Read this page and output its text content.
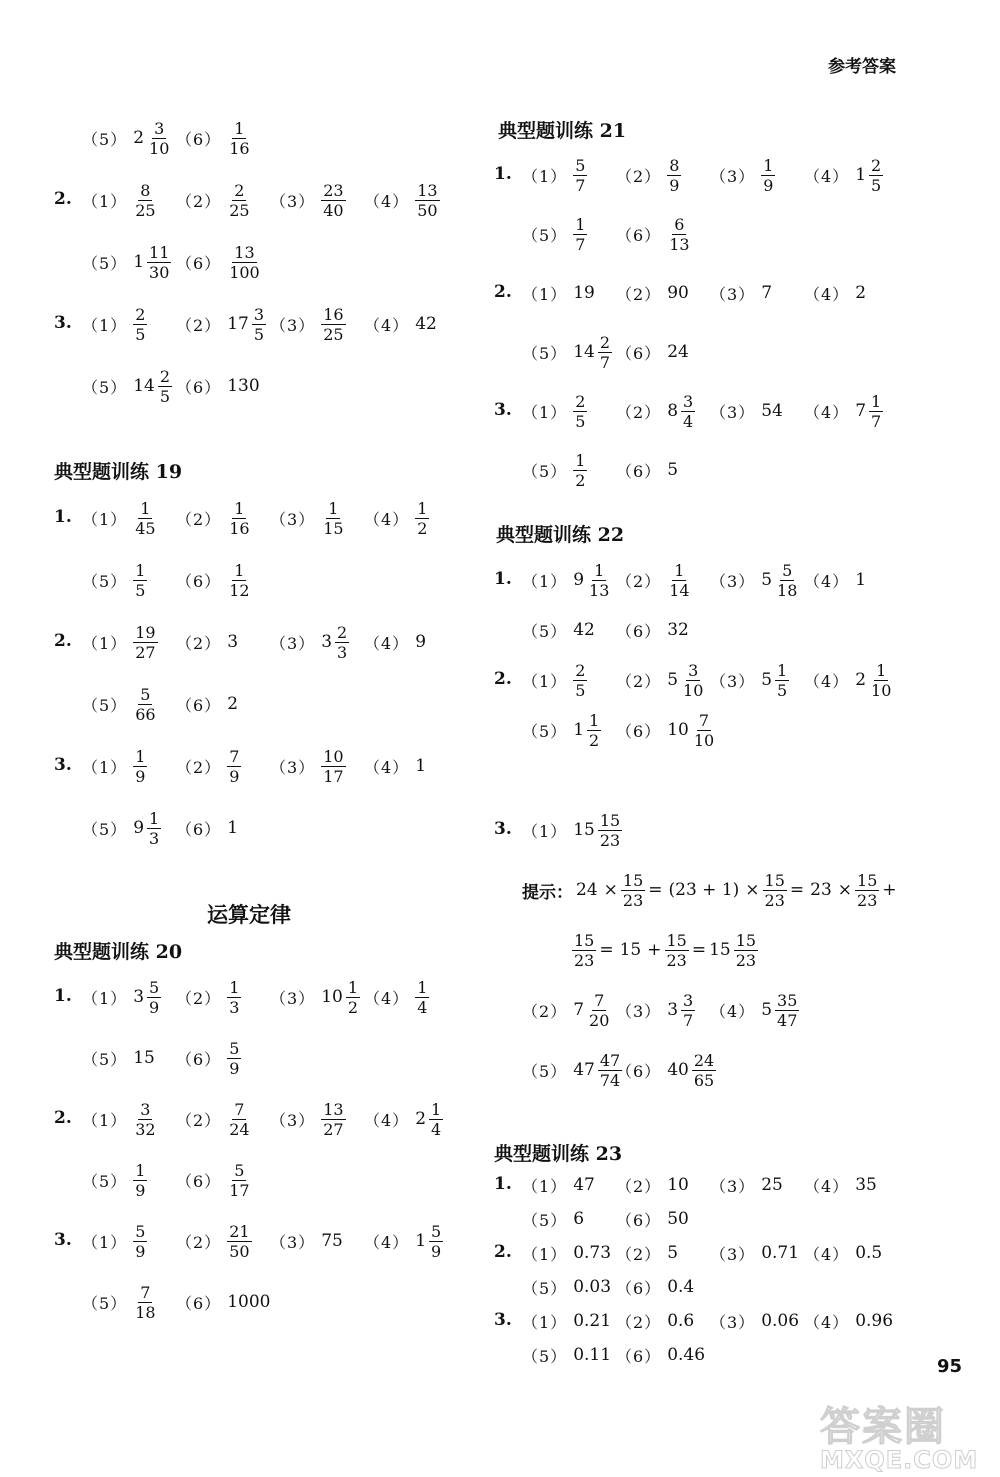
参考答案
（5） $2 \frac{3}{10} (6) \frac{1}{16}$
2. $(1) \frac{8}{25} (2) \frac{2}{25} (3) \frac{23}{40} (4) \frac{13}{50}$
（5） $1 \frac{11}{30} (6) \frac{13}{100}$
3. $(1) \frac{2}{5} (2)$ $17 \frac{3}{5} (3) \frac{16}{25} (4)$ 42
（5） $14 \frac{2}{5} (6)$ 130
典型题训练 19
1. $(1) \frac{1}{45} (2) \frac{1}{16} (3) \frac{1}{15} (4) \frac{1}{2}$
$(5) \frac{1}{5} (6) \frac{1}{12}$
2. $(1) \frac{19}{27} (2)$ 3 （3） $3 \frac{2}{3} (4)$ 9
$(5) \frac{5}{66} (6)$ 2
3. $(1) \frac{1}{9} (2) \frac{7}{9} (3) \frac{10}{17} (4)$ 1
（5） $9 \frac{1}{3} (6)$ 1
运算定律
典型题训练 20
1. （1） $3 \frac{5}{9} (2) \frac{1}{3} (3)$ $10 \frac{1}{2} (4) \frac{1}{4}$
（5） 15 $(6) \frac{5}{9}$
2. $(1) \frac{3}{32} (2) \frac{7}{24} (3) \frac{13}{27} (4)$ $2 \frac{1}{4}$
$(5) \frac{1}{9} (6) \frac{5}{17}$
3. $(1) \frac{5}{9} (2) \frac{21}{50} (3)$ 75 （4） $1 \frac{5}{9}$
$(5) \frac{7}{18} (6)$ 1000
典型题训练 21
1. $(1) \frac{5}{7} (2) \frac{8}{9} (3) \frac{1}{9} (4)$ $1 \frac{2}{5}$
$(5) \frac{1}{7} (6) \frac{6}{13}$
2. （1） 19 （2） 90 （3） 7 （4） 2
（5） $14 \frac{2}{7} (6)$ 24
3. $(1) \frac{2}{5} (2)$ $8 \frac{3}{4} (3)$ 54 （4） $7 \frac{1}{7}$
$(5) \frac{1}{2} (6)$ 5
典型题训练 22
1. （1） $9 \frac{1}{13} (2) \frac{1}{14} (3)$ $5 \frac{5}{18} (4)$ 1
（5） 42 （6） 32
2. $(1) \frac{2}{5} (2)$ $5 \frac{3}{10} (3)$ $5 \frac{1}{5} (4)$ $2 \frac{1}{10}$
（5） $1 \frac{1}{2} (6)$ $10 \frac{7}{10}$
3. （1） $15 \frac{15}{23}$
提示： $24 \times \frac{15}{23} = (23 + 1) \times \frac{15}{23} = 23 \times \frac{15}{23}$ +
$\frac{15}{23} = 15 + \frac{15}{23} = 15 \frac{15}{23}$
（2） $7 \frac{7}{20} (3)$ $3 \frac{3}{7} (4)$ $5 \frac{35}{47}$
（5） $47 \frac{47}{74}$
（6） $40 \frac{24}{65}$
典型题训练 23
1. （1） 47 （2） 10 （3） 25 （4） 35
（5） 6 （6） 50
2. （1） 0.73 （2） 5 （3） 0.71 （4） 0.5
（5） 0.03 （6） 0.4
3. （1） 0.21 （2） 0.6 （3） 0.06 （4） 0.96
（5） 0.11 （6） 0.46
95
答案圈
MXQE.COM
